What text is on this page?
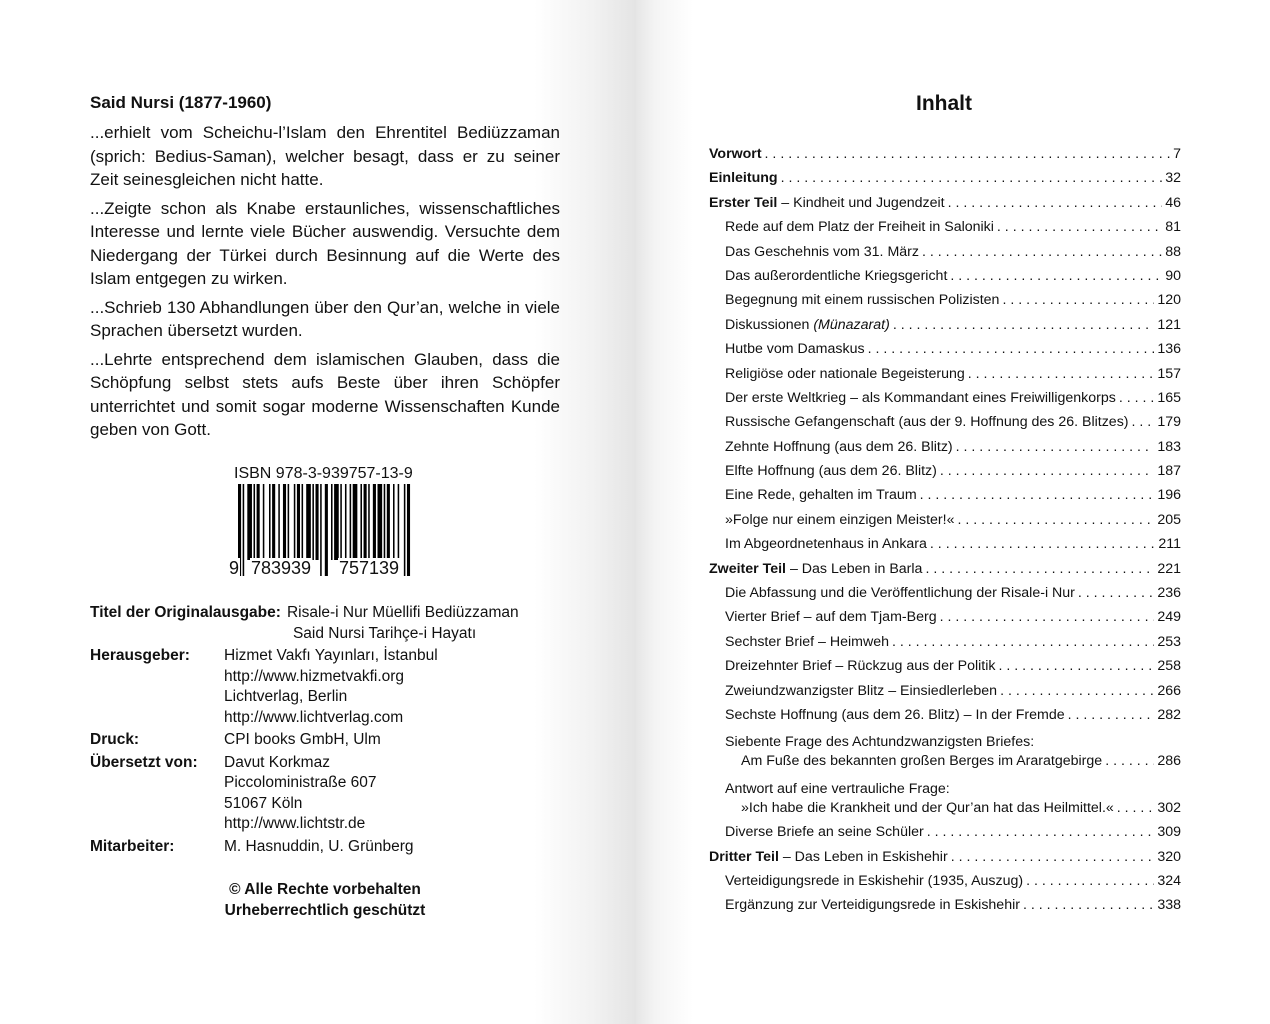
Said Nursi (1877-1960)

...erhielt vom Scheichu-l’Islam den Ehrentitel Bediüzzaman (sprich: Bedius-Saman), welcher besagt, dass er zu seiner Zeit seinesgleichen nicht hatte.

...Zeigte schon als Knabe erstaunliches, wissenschaftliches Interesse und lernte viele Bücher auswendig. Versuchte dem Niedergang der Türkei durch Besinnung auf die Werte des Islam entgegen zu wirken.

...Schrieb 130 Abhandlungen über den Qur’an, welche in viele Sprachen übersetzt wurden.

...Lehrte entsprechend dem islamischen Glauben, dass die Schöpfung selbst stets aufs Beste über ihren Schöpfer unterrichtet und somit sogar moderne Wissenschaften Kunde geben von Gott.

ISBN 978-3-939757-13-9
9 783939 757139
Titel der Originalausgabe: Risale-i Nur Müellifi Bediüzzaman
Said Nursi Tarihçe-i Hayatı
Herausgeber:	Hizmet Vakfı Yayınları, İstanbul
http://www.hizmetvakfi.org
Lichtverlag, Berlin
http://www.lichtverlag.com
Druck:	CPI books GmbH, Ulm
Übersetzt von:	Davut Korkmaz
Piccoloministraße 607
51067 Köln
http://www.lichtstr.de
Mitarbeiter:	M. Hasnuddin, U. Grünberg
© Alle Rechte vorbehalten
Urheberrechtlich geschützt
Inhalt
Vorwort . . .	7
Einleitung . . .	32
Erster Teil – Kindheit und Jugendzeit . . .	46
Rede auf dem Platz der Freiheit in Saloniki . . .	81
Das Geschehnis vom 31. März . . .	88
Das außerordentliche Kriegsgericht . . .	90
Begegnung mit einem russischen Polizisten . . .	120
Diskussionen (Münazarat) . . .	121
Hutbe vom Damaskus . . .	136
Religiöse oder nationale Begeisterung . . .	157
Der erste Weltkrieg – als Kommandant eines Freiwilligenkorps . . .	165
Russische Gefangenschaft (aus der 9. Hoffnung des 26. Blitzes) . . . 179
Zehnte Hoffnung (aus dem 26. Blitz) . . .	183
Elfte Hoffnung (aus dem 26. Blitz) . . .	187
Eine Rede, gehalten im Traum . . .	196
»Folge nur einem einzigen Meister!« . . .	205
Im Abgeordnetenhaus in Ankara . . .	211
Zweiter Teil – Das Leben in Barla . . .	221
Die Abfassung und die Veröffentlichung der Risale-i Nur . . .	236
Vierter Brief – auf dem Tjam-Berg . . .	249
Sechster Brief – Heimweh . . .	253
Dreizehnter Brief – Rückzug aus der Politik . . .	258
Zweiundzwanzigster Blitz – Einsiedlerleben . . .	266
Sechste Hoffnung (aus dem 26. Blitz) – In der Fremde . . .	282
Siebente Frage des Achtundzwanzigsten Briefes:
Am Fuße des bekannten großen Berges im Araratgebirge . . .	286
Antwort auf eine vertrauliche Frage:
»Ich habe die Krankheit und der Qur’an hat das Heilmittel.« . . .	302
Diverse Briefe an seine Schüler . . .	309
Dritter Teil – Das Leben in Eskishehir . . .	320
Verteidigungsrede in Eskishehir (1935, Auszug) . . .	324
Ergänzung zur Verteidigungsrede in Eskishehir . . .	338
